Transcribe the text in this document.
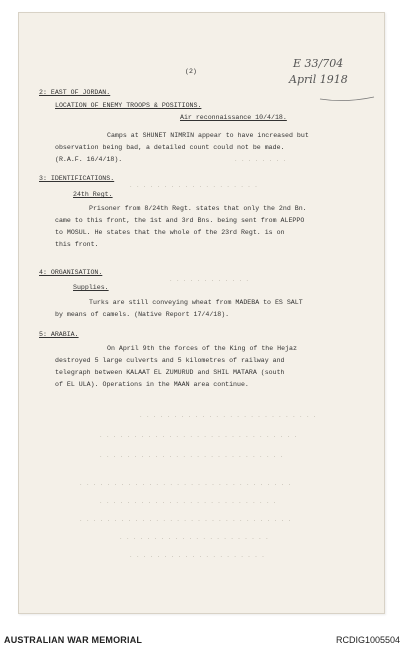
E 33/704
April 1918
· · · · · · · ·
· · · · · · · · · · · · · · · · · · ·
· · · · · · · · · · · ·
· · · · · · · · · · · · · · · · · · · · · · · · · ·
· · · · · · · · · · · · · · · · · · · · · · · · · · · · ·
· · · · · · · · · · · · · · · · · · · · · · · · · · ·
· · · · · · · · · · · · · · · · · · · · · · · · · · · · · · ·
· · · · · · · · · · · · · · · · · · · · · · · · · ·
· · · · · · · · · · · · · · · · · · · · · · · · · · · · · · ·
· · · · · · · · · · · · · · · · · · · · · ·
· · · · · · · · · · · · · · · · · · · ·
(2)
2: EAST OF JORDAN.
LOCATION OF ENEMY TROOPS & POSITIONS.
Air reconnaissance 10/4/18.
Camps at SHUNET NIMRIN appear to have increased but
observation being bad, a detailed count could not be made.
(R.A.F. 16/4/18).
3: IDENTIFICATIONS.
24th Regt.
Prisoner from 8/24th Regt. states that only the 2nd Bn.
came to this front, the 1st and 3rd Bns. being sent from ALEPPO
to MOSUL. He states that the whole of the 23rd Regt. is on
this front.
4: ORGANISATION.
Supplies.
Turks are still conveying wheat from MADEBA to ES SALT
by means of camels. (Native Report 17/4/18).
5: ARABIA.
On April 9th the forces of the King of the Hejaz
destroyed 5 large culverts and 5 kilometres of railway and
telegraph between KALAAT EL ZUMURUD and SHIL MATARA (south
of EL ULA). Operations in the MAAN area continue.
AUSTRALIAN WAR MEMORIAL	RCDIG1005504
